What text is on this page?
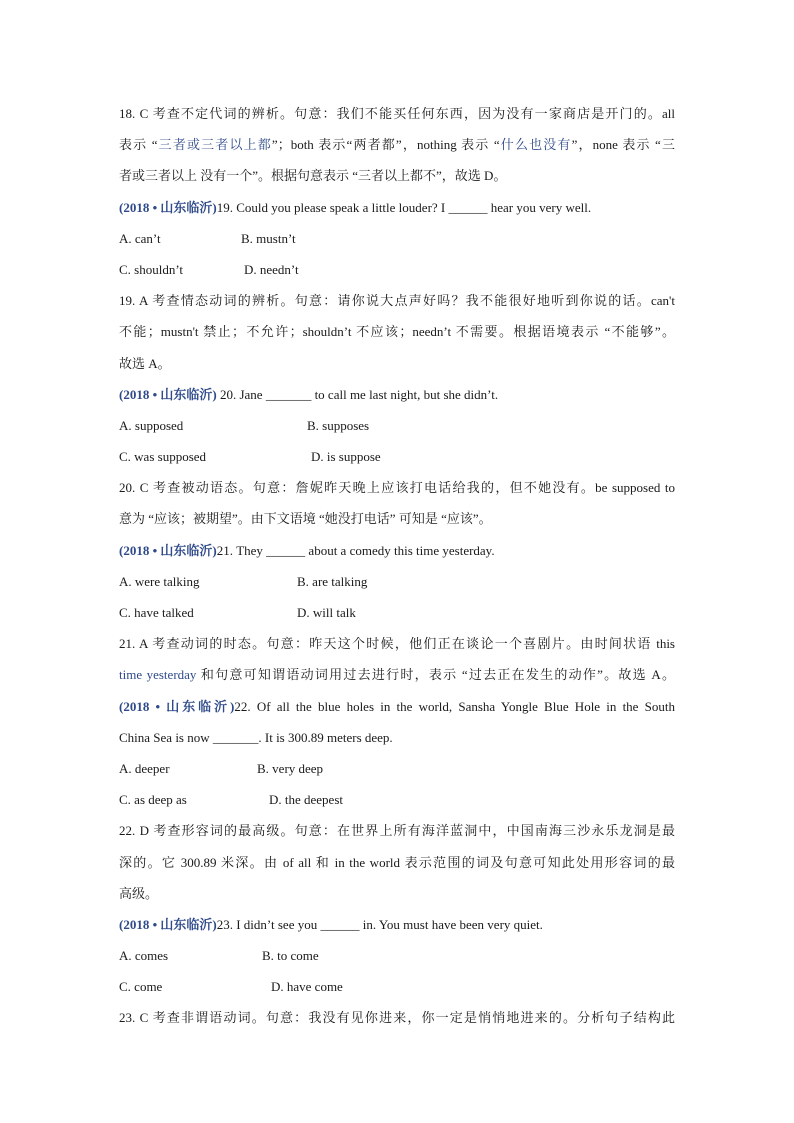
18. C 考查不定代词的辨析。句意：我们不能买任何东西，因为没有一家商店是开门的。all
表示 “三者或三者以上都”；both 表示“两者都”，nothing 表示 “什么也没有”，none 表示 “三
者或三者以上 没有一个”。根据句意表示 “三者以上都不”，故选 D。
(2018 • 山东临沂)19. Could you please speak a little louder? I ______ hear you very well.
A. can’t	B. mustn’t
C. shouldn’t	D. needn’t
19. A 考查情态动词的辨析。句意：请你说大点声好吗？我不能很好地听到你说的话。can't
不能；mustn't 禁止；不允许；shouldn’t 不应该；needn’t 不需要。根据语境表示 “不能够”。
故选 A。
(2018 • 山东临沂) 20. Jane _______ to call me last night, but she didn’t.
A. supposed	B. supposes
C. was supposed	D. is suppose
20. C 考查被动语态。句意：詹妮昨天晚上应该打电话给我的，但不她没有。be supposed to
意为 “应该；被期望”。由下文语境 “她没打电话” 可知是 “应该”。
(2018 • 山东临沂)21. They ______ about a comedy this time yesterday.
A. were talking	B. are talking
C. have talked	D. will talk
21. A 考查动词的时态。句意：昨天这个时候，他们正在谈论一个喜剧片。由时间状语 this
time yesterday 和句意可知谓语动词用过去进行时，表示 “过去正在发生的动作”。故选 A。
(2018 • 山东临沂)22. Of all the blue holes in the world, Sansha Yongle Blue Hole in the South
China Sea is now _______. It is 300.89 meters deep.
A. deeper	B. very deep
C. as deep as	D. the deepest
22. D 考查形容词的最高级。句意：在世界上所有海洋蓝洞中，中国南海三沙永乐龙洞是最
深的。它 300.89 米深。由 of all 和 in the world 表示范围的词及句意可知此处用形容词的最
高级。
(2018 • 山东临沂)23. I didn’t see you ______ in. You must have been very quiet.
A. comes	B. to come
C. come	D. have come
23. C 考查非谓语动词。句意：我没有见你进来，你一定是悄悄地进来的。分析句子结构此
